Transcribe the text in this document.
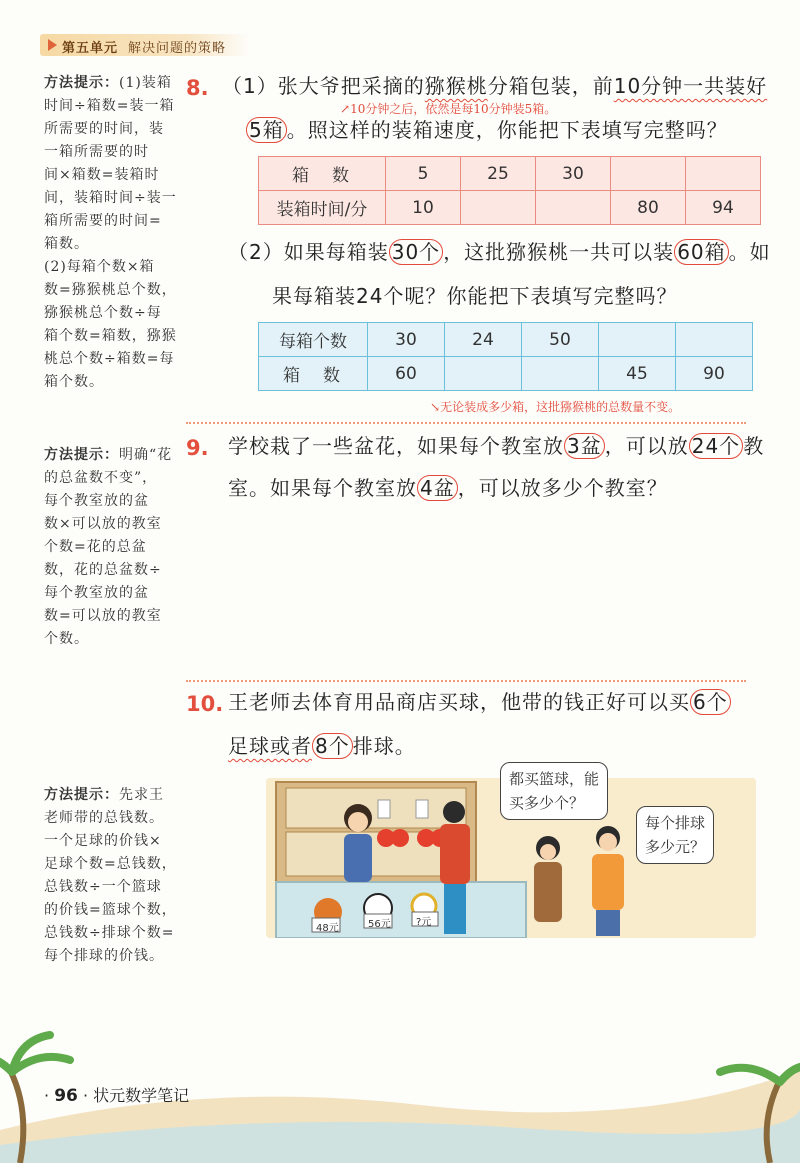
第五单元 解决问题的策略
方法提示：(1)装箱
时间÷箱数=装一箱
所需要的时间，装
一箱所需要的时
间×箱数=装箱时
间，装箱时间÷装一
箱所需要的时间=
箱数。
(2)每箱个数×箱
数=猕猴桃总个数，
猕猴桃总个数÷每
箱个数=箱数，猕猴
桃总个数÷箱数=每
箱个数。
方法提示：明确“花
的总盆数不变”，
每个教室放的盆
数×可以放的教室
个数=花的总盆
数，花的总盆数÷
每个教室放的盆
数=可以放的教室
个数。
方法提示：先求王
老师带的总钱数。
一个足球的价钱×
足球个数=总钱数，
总钱数÷一个篮球
的价钱=篮球个数，
总钱数÷排球个数=
每个排球的价钱。
8. （1）张大爷把采摘的猕猴桃分箱包装，前10分钟一共装好
↗10分钟之后，依然是每10分钟装5箱。
5箱 。照这样的装箱速度，你能把下表填写完整吗？
箱　数	5	25	30		
装箱时间/分	10			80	94
（2）如果每箱装 30个 ，这批猕猴桃一共可以装 60箱 。如
果每箱装24个呢？你能把下表填写完整吗？
每箱个数	30	24	50		
箱　数	60			45	90
↘无论装成多少箱，这批猕猴桃的总数量不变。
9. 学校栽了一些盆花，如果每个教室放 3盆 ，可以放 24个 教
室。如果每个教室放 4盆 ，可以放多少个教室？
10. 王老师去体育用品商店买球，他带的钱正好可以买 6个
足球或者 8个 排球。
48元	56元	?元
都买篮球，能
买多少个？
每个排球
多少元？
· 96 · 状元数学笔记
